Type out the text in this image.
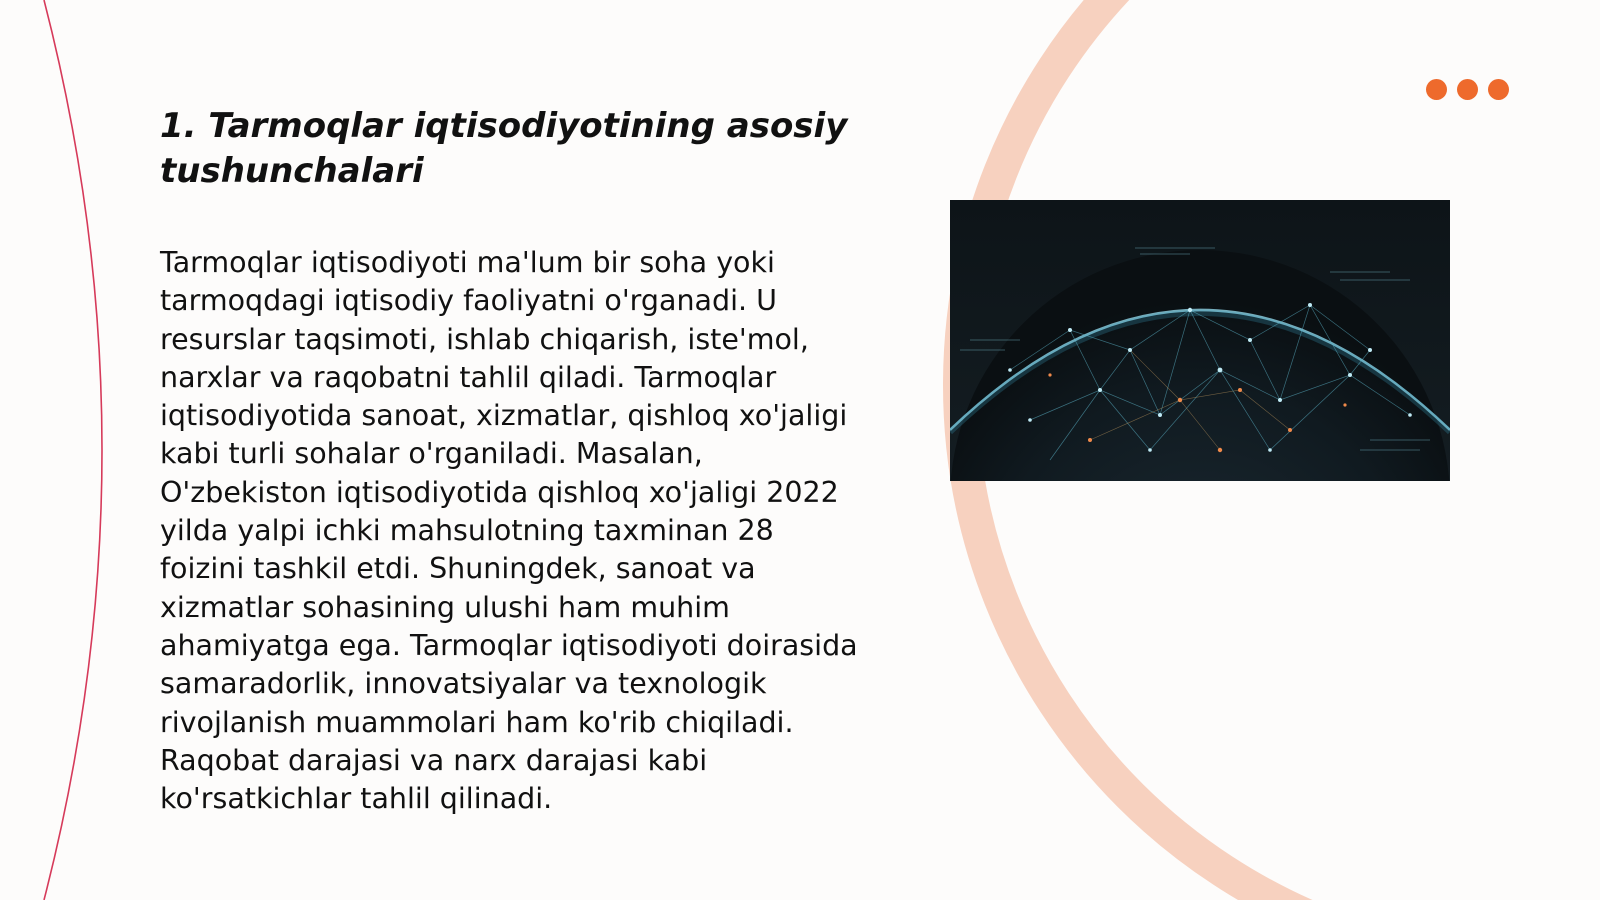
1. Tarmoqlar iqtisodiyotining asosiy tushunchalari

Tarmoqlar iqtisodiyoti ma'lum bir soha yoki tarmoqdagi iqtisodiy faoliyatni o'rganadi. U resurslar taqsimoti, ishlab chiqarish, iste'mol, narxlar va raqobatni tahlil qiladi. Tarmoqlar iqtisodiyotida sanoat, xizmatlar, qishloq xo'jaligi kabi turli sohalar o'rganiladi. Masalan, O'zbekiston iqtisodiyotida qishloq xo'jaligi 2022 yilda yalpi ichki mahsulotning taxminan 28 foizini tashkil etdi. Shuningdek, sanoat va xizmatlar sohasining ulushi ham muhim ahamiyatga ega. Tarmoqlar iqtisodiyoti doirasida samaradorlik, innovatsiyalar va texnologik rivojlanish muammolari ham ko'rib chiqiladi. Raqobat darajasi va narx darajasi kabi ko'rsatkichlar tahlil qilinadi.
